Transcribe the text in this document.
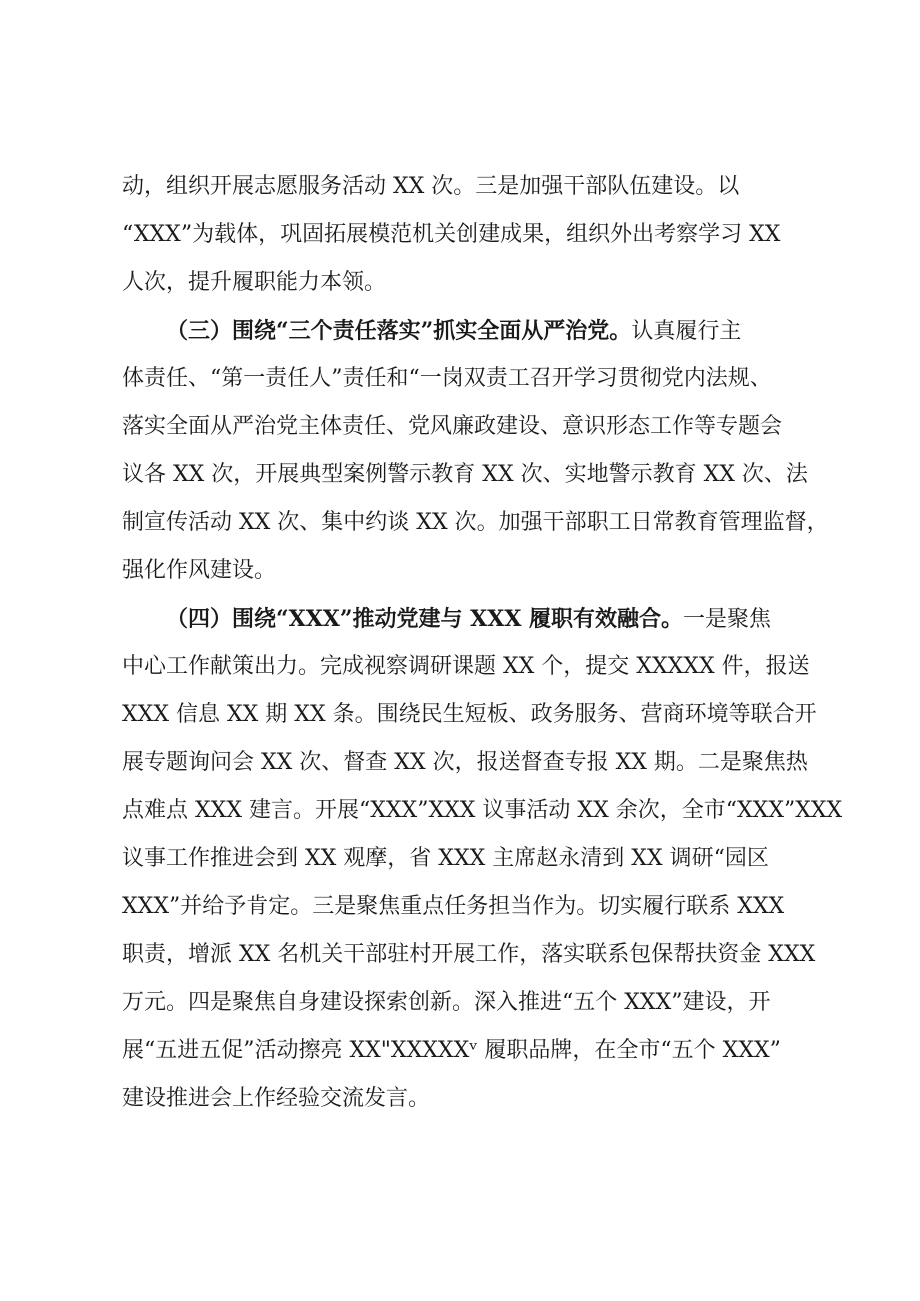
动，组织开展志愿服务活动 XX 次。三是加强干部队伍建设。以

“XXX”为载体，巩固拓展模范机关创建成果，组织外出考察学习 XX

人次，提升履职能力本领。

（三）围绕“三个责任落实”抓实全面从严治党。认真履行主

体责任、“第一责任人”责任和“一岗双责工召开学习贯彻党内法规、

落实全面从严治党主体责任、党风廉政建设、意识形态工作等专题会

议各 XX 次，开展典型案例警示教育 XX 次、实地警示教育 XX 次、法

制宣传活动 XX 次、集中约谈 XX 次。加强干部职工日常教育管理监督，

强化作风建设。

（四）围绕“XXX”推动党建与 XXX 履职有效融合。一是聚焦

中心工作献策出力。完成视察调研课题 XX 个，提交 XXXXX 件，报送

XXX 信息 XX 期 XX 条。围绕民生短板、政务服务、营商环境等联合开

展专题询问会 XX 次、督查 XX 次，报送督查专报 XX 期。二是聚焦热

点难点 XXX 建言。开展“XXX”XXX 议事活动 XX 余次，全市“XXX”XXX

议事工作推进会到 XX 观摩，省 XXX 主席赵永清到 XX 调研“园区

XXX”并给予肯定。三是聚焦重点任务担当作为。切实履行联系 XXX

职责，增派 XX 名机关干部驻村开展工作，落实联系包保帮扶资金 XXX

万元。四是聚焦自身建设探索创新。深入推进“五个 XXX”建设，开

展“五进五促”活动擦亮 XX"XXXXXᵛ 履职品牌，在全市“五个 XXX”

建设推进会上作经验交流发言。
